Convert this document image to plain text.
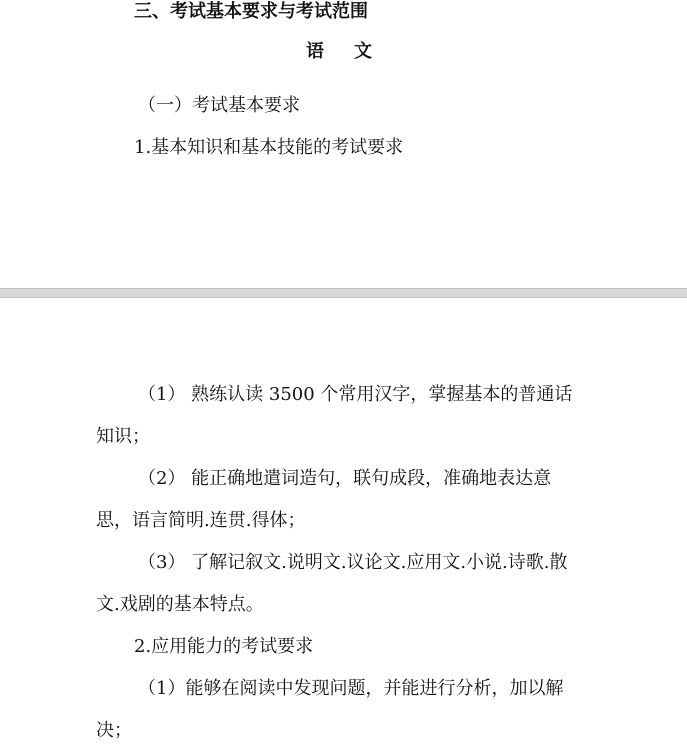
三、考试基本要求与考试范围
语文
（一）考试基本要求
1.基本知识和基本技能的考试要求
（1） 熟练认读 3500 个常用汉字，掌握基本的普通话
知识；
（2） 能正确地遣词造句，联句成段，准确地表达意
思，语言简明.连贯.得体；
（3） 了解记叙文.说明文.议论文.应用文.小说.诗歌.散
文.戏剧的基本特点。
2.应用能力的考试要求
（1）能够在阅读中发现问题，并能进行分析，加以解
决；
